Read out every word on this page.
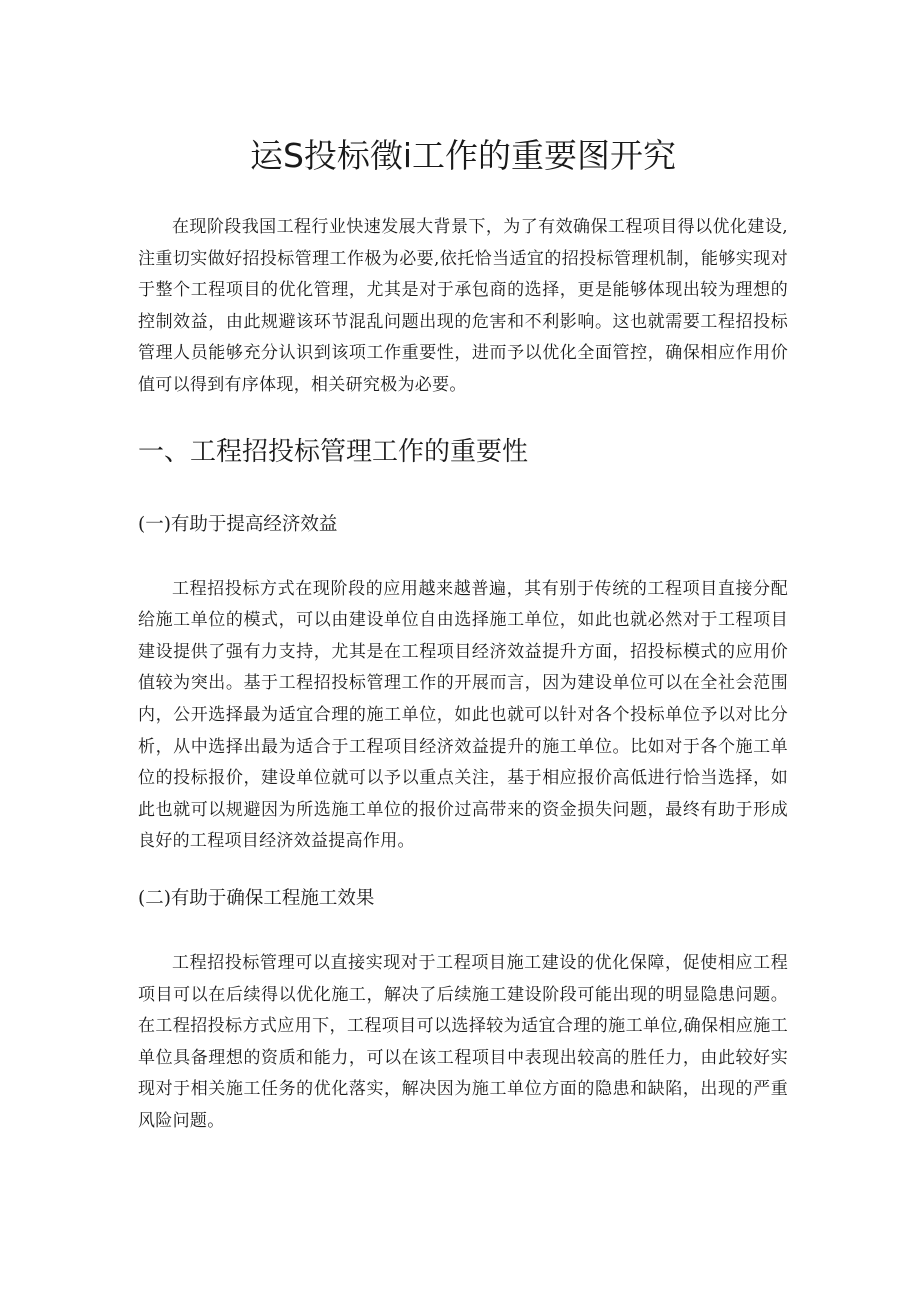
运S投标徵i工作的重要图开究

在现阶段我国工程行业快速发展大背景下，为了有效确保工程项目得以优化建设,注重切实做好招投标管理工作极为必要,依托恰当适宜的招投标管理机制，能够实现对于整个工程项目的优化管理，尤其是对于承包商的选择，更是能够体现出较为理想的控制效益，由此规避该环节混乱问题出现的危害和不利影响。这也就需要工程招投标管理人员能够充分认识到该项工作重要性，进而予以优化全面管控，确保相应作用价值可以得到有序体现，相关研究极为必要。

一、工程招投标管理工作的重要性
(一)有助于提高经济效益

工程招投标方式在现阶段的应用越来越普遍，其有别于传统的工程项目直接分配给施工单位的模式，可以由建设单位自由选择施工单位，如此也就必然对于工程项目建设提供了强有力支持，尤其是在工程项目经济效益提升方面，招投标模式的应用价值较为突出。基于工程招投标管理工作的开展而言，因为建设单位可以在全社会范围内，公开选择最为适宜合理的施工单位，如此也就可以针对各个投标单位予以对比分析，从中选择出最为适合于工程项目经济效益提升的施工单位。比如对于各个施工单位的投标报价，建设单位就可以予以重点关注，基于相应报价高低进行恰当选择，如此也就可以规避因为所选施工单位的报价过高带来的资金损失问题，最终有助于形成良好的工程项目经济效益提高作用。

(二)有助于确保工程施工效果

工程招投标管理可以直接实现对于工程项目施工建设的优化保障，促使相应工程项目可以在后续得以优化施工，解决了后续施工建设阶段可能出现的明显隐患问题。在工程招投标方式应用下，工程项目可以选择较为适宜合理的施工单位,确保相应施工单位具备理想的资质和能力，可以在该工程项目中表现出较高的胜任力，由此较好实现对于相关施工任务的优化落实，解决因为施工单位方面的隐患和缺陷，出现的严重风险问题。
